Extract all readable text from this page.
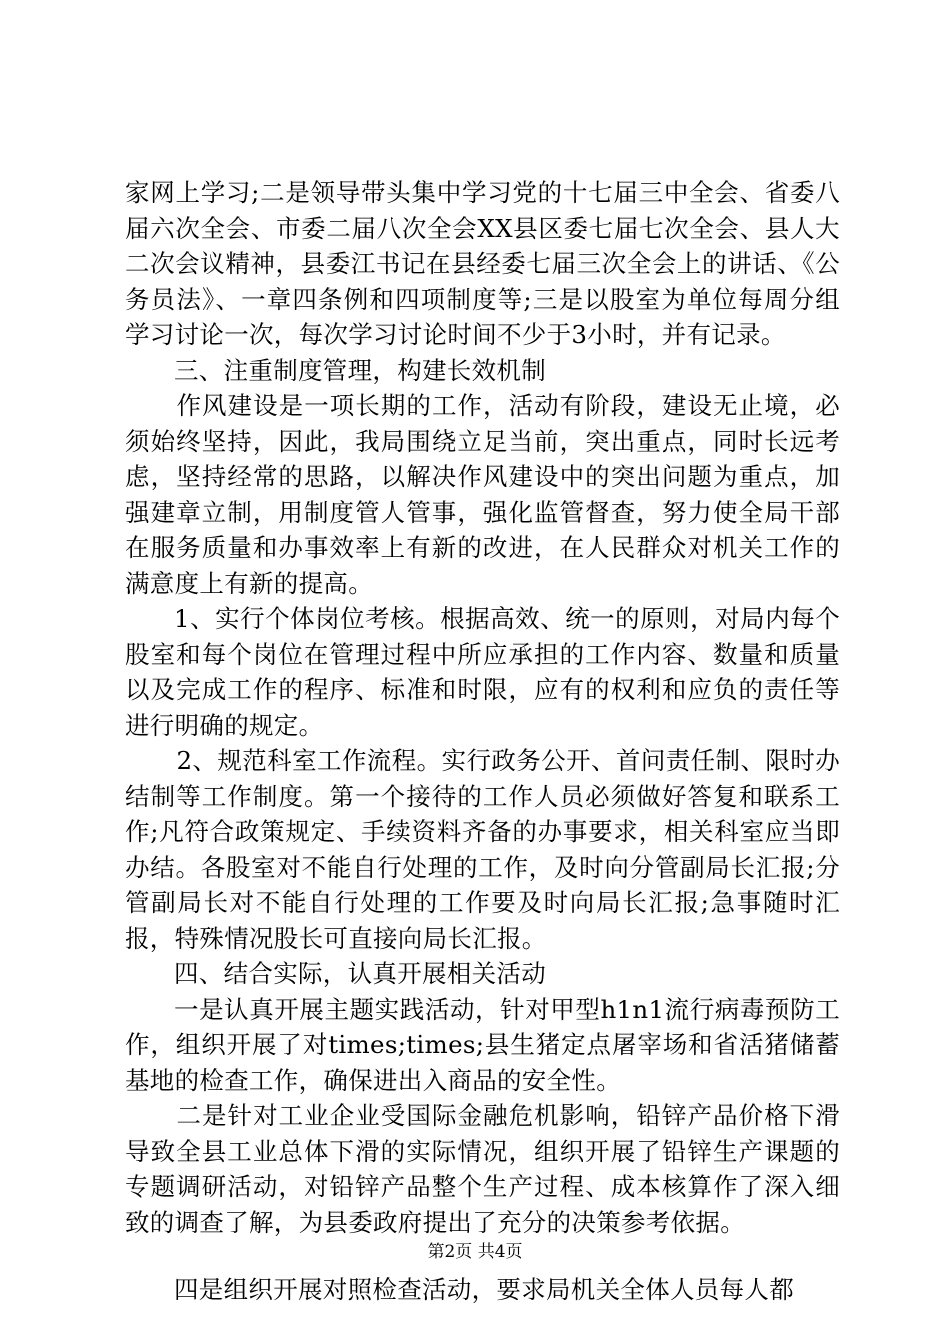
家网上学习;二是领导带头集中学习党的十七届三中全会、省委八届六次全会、市委二届八次全会XX县区委七届七次全会、县人大二次会议精神，县委江书记在县经委七届三次全会上的讲话、《公务员法》、一章四条例和四项制度等;三是以股室为单位每周分组学习讨论一次，每次学习讨论时间不少于3小时，并有记录。

三、注重制度管理，构建长效机制

作风建设是一项长期的工作，活动有阶段，建设无止境，必须始终坚持，因此，我局围绕立足当前，突出重点，同时长远考虑，坚持经常的思路，以解决作风建设中的突出问题为重点，加强建章立制，用制度管人管事，强化监管督查，努力使全局干部在服务质量和办事效率上有新的改进，在人民群众对机关工作的满意度上有新的提高。

1、实行个体岗位考核。根据高效、统一的原则，对局内每个股室和每个岗位在管理过程中所应承担的工作内容、数量和质量以及完成工作的程序、标准和时限，应有的权利和应负的责任等进行明确的规定。

2、规范科室工作流程。实行政务公开、首问责任制、限时办结制等工作制度。第一个接待的工作人员必须做好答复和联系工作;凡符合政策规定、手续资料齐备的办事要求，相关科室应当即办结。各股室对不能自行处理的工作，及时向分管副局长汇报;分管副局长对不能自行处理的工作要及时向局长汇报;急事随时汇报，特殊情况股长可直接向局长汇报。

四、结合实际，认真开展相关活动

一是认真开展主题实践活动，针对甲型h1n1流行病毒预防工作，组织开展了对times;times;县生猪定点屠宰场和省活猪储蓄基地的检查工作，确保进出入商品的安全性。

二是针对工业企业受国际金融危机影响，铅锌产品价格下滑导致全县工业总体下滑的实际情况，组织开展了铅锌生产课题的专题调研活动，对铅锌产品整个生产过程、成本核算作了深入细致的调查了解，为县委政府提出了充分的决策参考依据。

四是组织开展对照检查活动，要求局机关全体人员每人都

第2页 共4页
